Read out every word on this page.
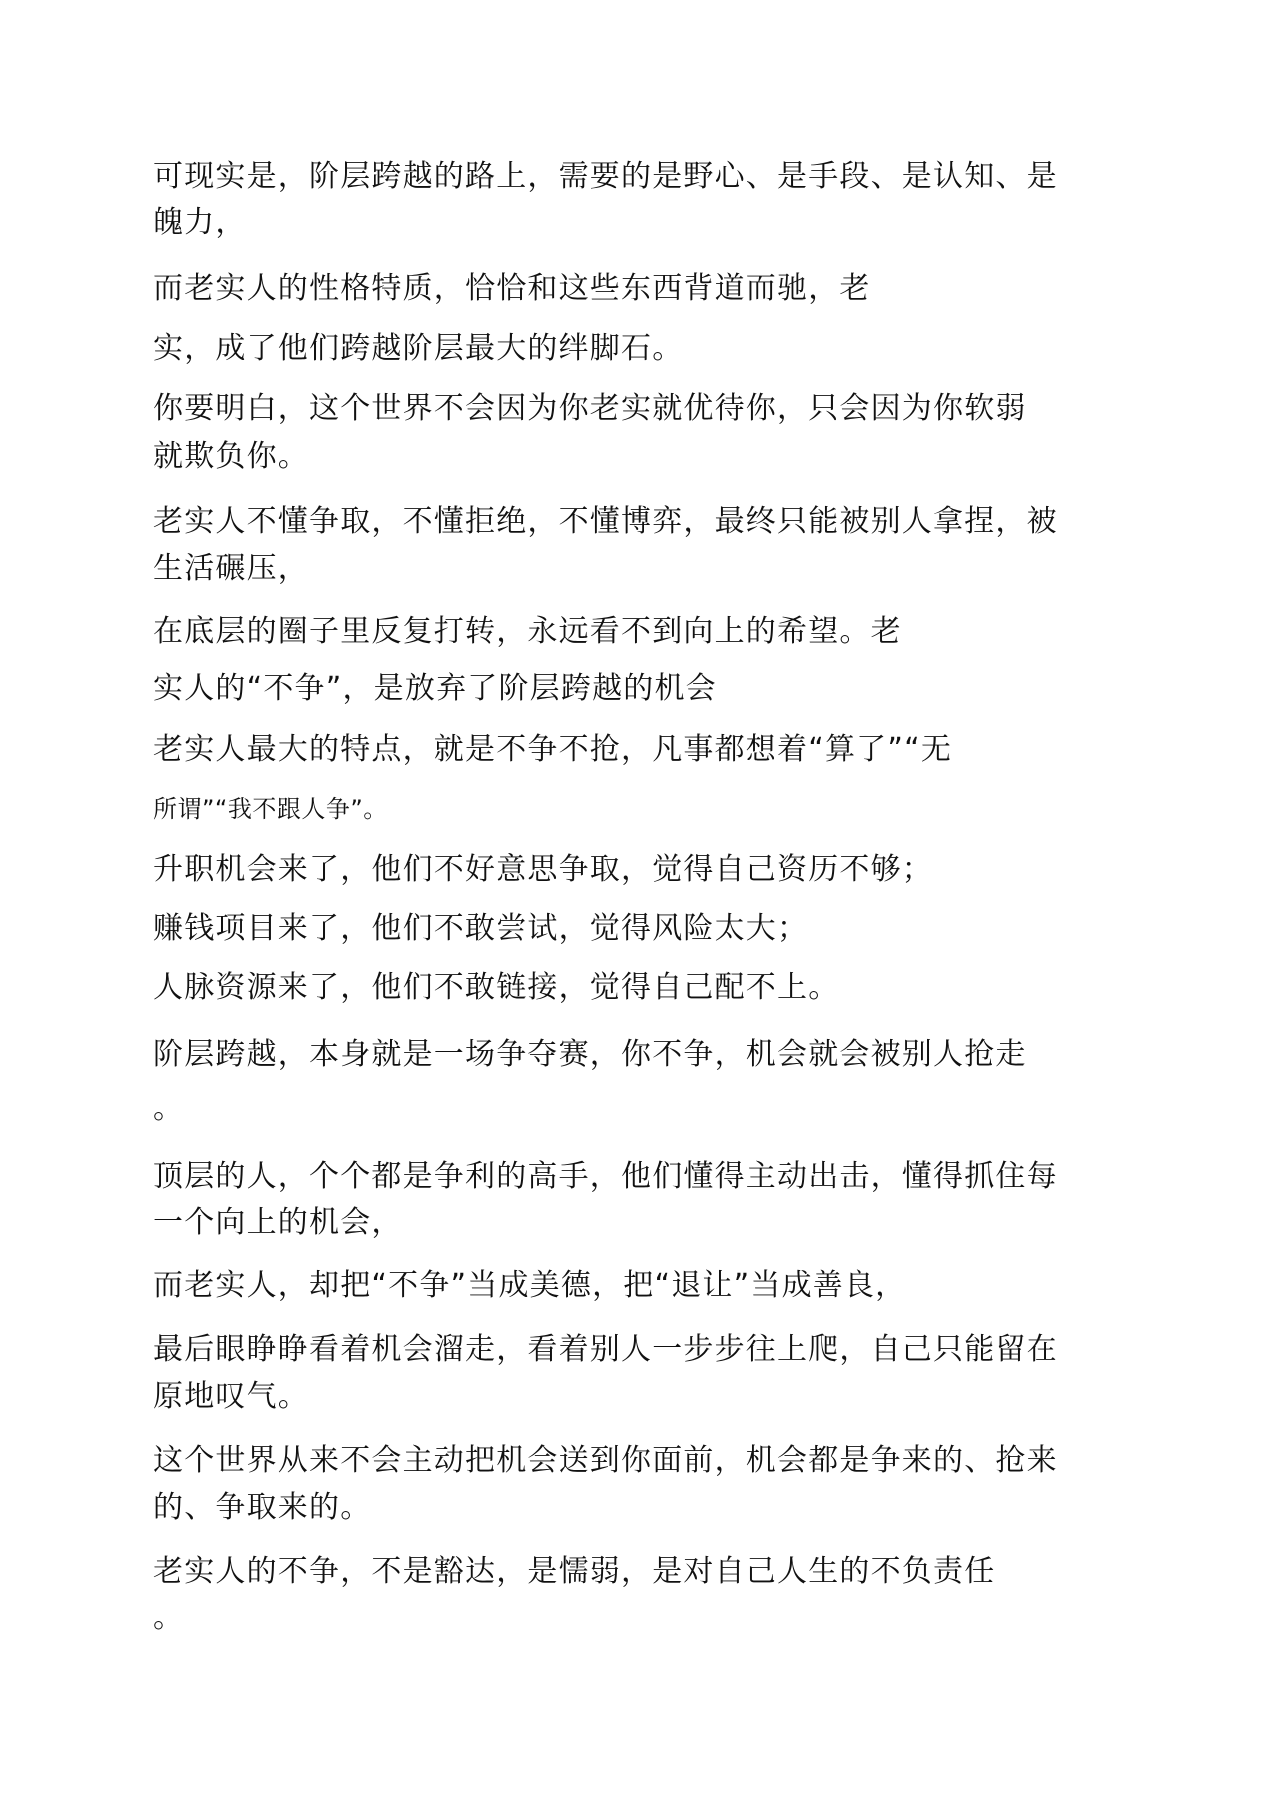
可现实是，阶层跨越的路上，需要的是野心、是手段、是认知、是

魄力，

而老实人的性格特质，恰恰和这些东西背道而驰，老

实，成了他们跨越阶层最大的绊脚石。

你要明白，这个世界不会因为你老实就优待你，只会因为你软弱

就欺负你。

老实人不懂争取，不懂拒绝，不懂博弈，最终只能被别人拿捏，被

生活碾压，

在底层的圈子里反复打转，永远看不到向上的希望。老

实人的“不争”，是放弃了阶层跨越的机会

老实人最大的特点，就是不争不抢，凡事都想着“算了”“无

所谓”“我不跟人争”。

升职机会来了，他们不好意思争取，觉得自己资历不够；

赚钱项目来了，他们不敢尝试，觉得风险太大；

人脉资源来了，他们不敢链接，觉得自己配不上。

阶层跨越，本身就是一场争夺赛，你不争，机会就会被别人抢走

。

顶层的人，个个都是争利的高手，他们懂得主动出击，懂得抓住每

一个向上的机会，

而老实人，却把“不争”当成美德，把“退让”当成善良，

最后眼睁睁看着机会溜走，看着别人一步步往上爬，自己只能留在

原地叹气。

这个世界从来不会主动把机会送到你面前，机会都是争来的、抢来

的、争取来的。

老实人的不争，不是豁达，是懦弱，是对自己人生的不负责任

。
